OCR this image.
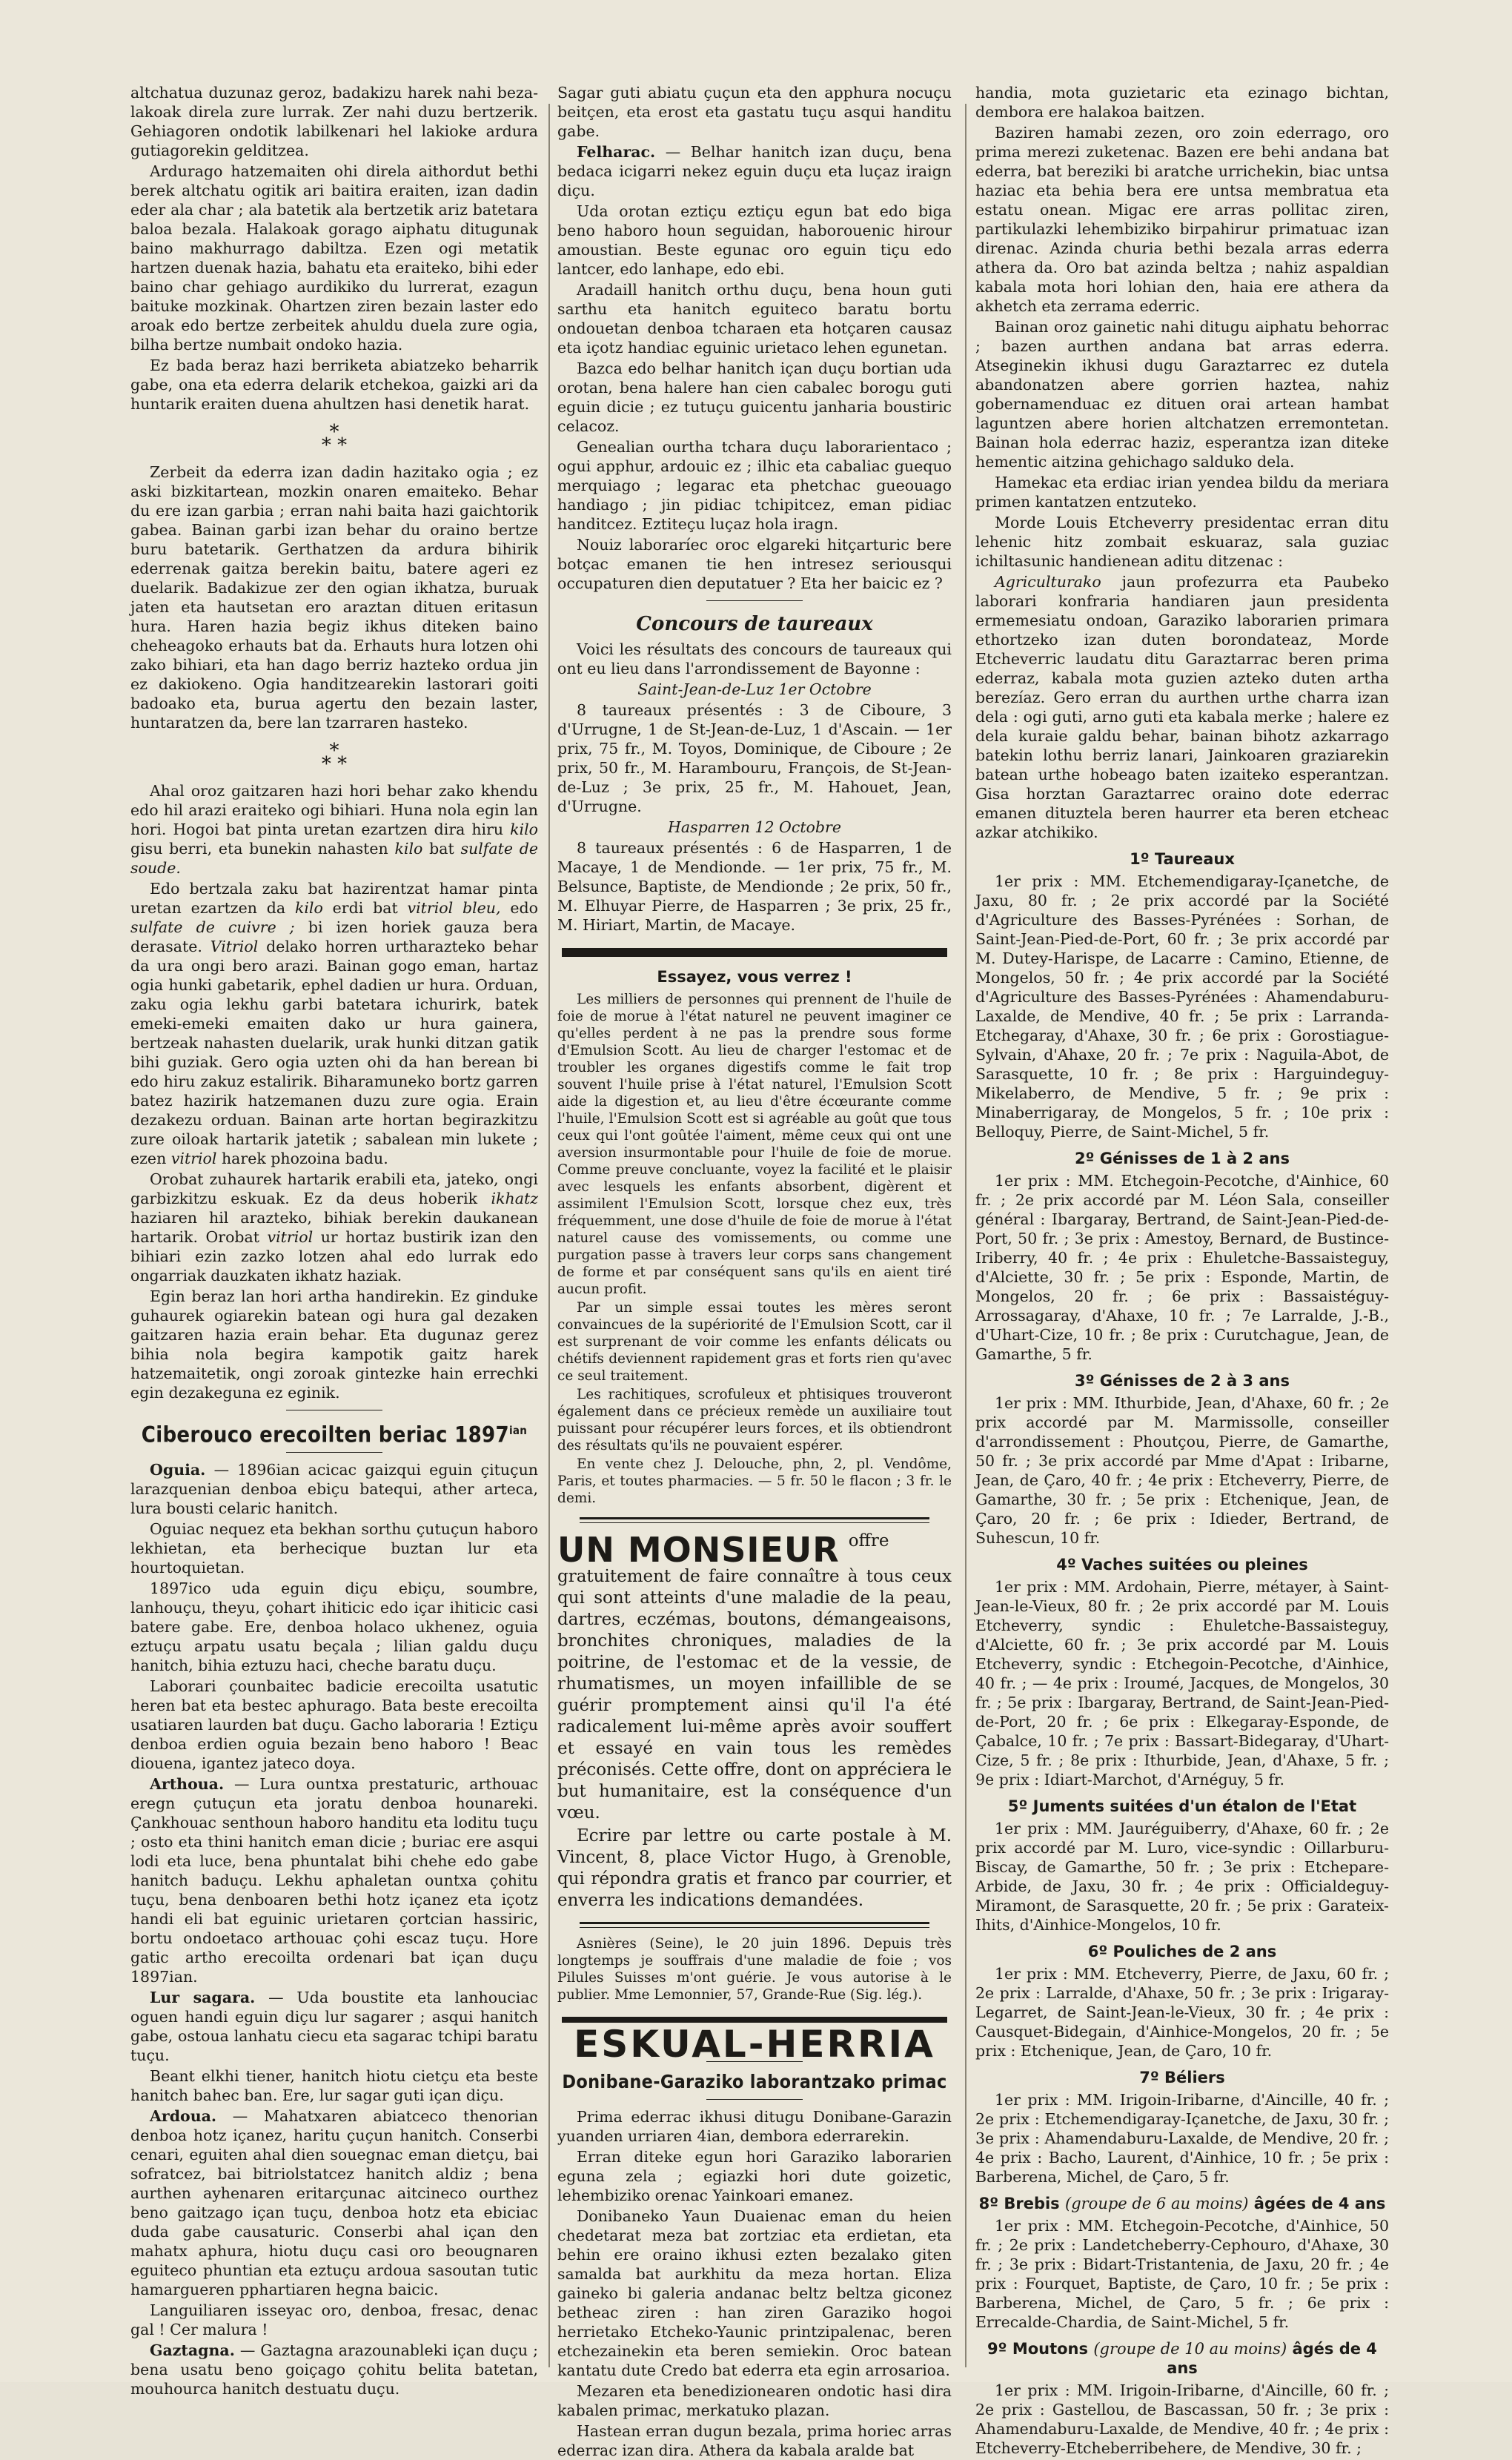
altchatua duzunaz geroz, badakizu harek nahi beza-lakoak direla zure lurrak. Zer nahi duzu bertzerik. Gehiagoren ondotik labilkenari hel lakioke ardura gutiagorekin gelditzea.

Ardurago hatzemaiten ohi direla aithordut bethi berek altchatu ogitik ari baitira eraiten, izan dadin eder ala char ; ala batetik ala bertzetik ariz batetara baloa bezala. Halakoak gorago aiphatu ditugunak baino makhurrago dabiltza. Ezen ogi metatik hartzen duenak hazia, bahatu eta eraiteko, bihi eder baino char gehiago aurdikiko du lurrerat, ezagun baituke mozkinak. Ohartzen ziren bezain laster edo aroak edo bertze zerbeitek ahuldu duela zure ogia, bilha bertze numbait ondoko hazia.

Ez bada beraz hazi berriketa abiatzeko beharrik gabe, ona eta ederra delarik etchekoa, gaizki ari da huntarik eraiten duena ahultzen hasi denetik harat.

*
* *

Zerbeit da ederra izan dadin hazitako ogia ; ez aski bizkitartean, mozkin onaren emaiteko. Behar du ere izan garbia ; erran nahi baita hazi gaichtorik gabea. Bainan garbi izan behar du oraino bertze buru batetarik. Gerthatzen da ardura bihirik ederrenak gaitza berekin baitu, batere ageri ez duelarik. Badakizue zer den ogian ikhatza, buruak jaten eta hautsetan ero araztan dituen eritasun hura. Haren hazia begiz ikhus diteken baino cheheagoko erhauts bat da. Erhauts hura lotzen ohi zako bihiari, eta han dago berriz hazteko ordua jin ez dakiokeno. Ogia handitzearekin lastorari goiti badoako eta, burua agertu den bezain laster, huntaratzen da, bere lan tzarraren hasteko.

*
* *

Ahal oroz gaitzaren hazi hori behar zako khendu edo hil arazi eraiteko ogi bihiari. Huna nola egin lan hori. Hogoi bat pinta uretan ezartzen dira hiru kilo gisu berri, eta bunekin nahasten kilo bat sulfate de soude.

Edo bertzala zaku bat hazirentzat hamar pinta uretan ezartzen da kilo erdi bat vitriol bleu, edo sulfate de cuivre ; bi izen horiek gauza bera derasate. Vitriol delako horren urtharazteko behar da ura ongi bero arazi. Bainan gogo eman, hartaz ogia hunki gabetarik, ephel dadien ur hura. Orduan, zaku ogia lekhu garbi batetara ichurirk, batek emeki-emeki emaiten dako ur hura gainera, bertzeak nahasten duelarik, urak hunki ditzan gatik bihi guziak. Gero ogia uzten ohi da han berean bi edo hiru zakuz estalirik. Biharamuneko bortz garren batez hazirik hatzemanen duzu zure ogia. Erain dezakezu orduan. Bainan arte hortan begirazkitzu zure oiloak hartarik jatetik ; sabalean min lukete ; ezen vitriol harek phozoina badu.

Orobat zuhaurek hartarik erabili eta, jateko, ongi garbizkitzu eskuak. Ez da deus hoberik ikhatz haziaren hil arazteko, bihiak berekin daukanean hartarik. Orobat vitriol ur hortaz bustirik izan den bihiari ezin zazko lotzen ahal edo lurrak edo ongarriak dauzkaten ikhatz haziak.

Egin beraz lan hori artha handirekin. Ez ginduke guhaurek ogiarekin batean ogi hura gal dezaken gaitzaren hazia erain behar. Eta dugunaz gerez bihia nola begira kampotik gaitz harek hatzemaitetik, ongi zoroak gintezke hain errechki egin dezakeguna ez eginik.

Ciberouco erecoilten beriac $1897^{ian}$

Oguia. — 1896ian acicac gaizqui eguin çituçun larazquenian denboa ebiçu batequi, ather arteca, lura bousti celaric hanitch.

Oguiac nequez eta bekhan sorthu çutuçun haboro lekhietan, eta berhecique buztan lur eta hourtoquietan.

1897ico uda eguin diçu ebiçu, soumbre, lanhouçu, theyu, çohart ihiticic edo içar ihiticic casi batere gabe. Ere, denboa holaco ukhenez, oguia eztuçu arpatu usatu beçala ; lilian galdu duçu hanitch, bihia eztuzu haci, cheche baratu duçu.

Laborari çounbaitec badicie erecoilta usatutic heren bat eta bestec aphurago. Bata beste erecoilta usatiaren laurden bat duçu. Gacho laboraria ! Eztiçu denboa erdien oguia bezain beno haboro ! Beac diouena, igantez jateco doya.

Arthoua. — Lura ountxa prestaturic, arthouac eregn çutuçun eta joratu denboa hounareki. Çankhouac senthoun haboro handitu eta loditu tuçu ; osto eta thini hanitch eman dicie ; buriac ere asqui lodi eta luce, bena phuntalat bihi chehe edo gabe hanitch baduçu. Lekhu aphaletan ountxa çohitu tuçu, bena denboaren bethi hotz içanez eta içotz handi eli bat eguinic urietaren çortcian hassiric, bortu ondoetaco arthouac çohi escaz tuçu. Hore gatic artho erecoilta ordenari bat içan duçu 1897ian.

Lur sagara. — Uda boustite eta lanhouciac oguen handi eguin diçu lur sagarer ; asqui hanitch gabe, ostoua lanhatu ciecu eta sagarac tchipi baratu tuçu.

Beant elkhi tiener, hanitch hiotu cietçu eta beste hanitch bahec ban. Ere, lur sagar guti içan diçu.

Ardoua. — Mahatxaren abiatceco thenorian denboa hotz içanez, haritu çuçun hanitch. Conserbi cenari, eguiten ahal dien souegnac eman dietçu, bai sofratcez, bai bitriolstatcez hanitch aldiz ; bena aurthen ayhenaren eritarçunac aitcineco ourthez beno gaitzago içan tuçu, denboa hotz eta ebiciac duda gabe causaturic. Conserbi ahal içan den mahatx aphura, hiotu duçu casi oro beougnaren eguiteco phuntian eta eztuçu ardoua sasoutan tutic hamargueren pphartiaren hegna baicic.

Languiliaren isseyac oro, denboa, fresac, denac gal ! Cer malura !

Gaztagna. — Gaztagna arazounableki içan duçu ; bena usatu beno goiçago çohitu belita batetan, mouhourca hanitch destuatu duçu.

Sagar guti abiatu çuçun eta den apphura nocuçu beitçen, eta erost eta gastatu tuçu asqui handitu gabe.

Felharac. — Belhar hanitch izan duçu, bena bedaca icigarri nekez eguin duçu eta luçaz iraign diçu.

Uda orotan eztiçu eztiçu egun bat edo biga beno haboro houn seguidan, haborouenic hirour amoustian. Beste egunac oro eguin tiçu edo lantcer, edo lanhape, edo ebi.

Aradaill hanitch orthu duçu, bena houn guti sarthu eta hanitch eguiteco baratu bortu ondouetan denboa tcharaen eta hotçaren causaz eta içotz handiac eguinic urietaco lehen egunetan.

Bazca edo belhar hanitch içan duçu bortian uda orotan, bena halere han cien cabalec borogu guti eguin dicie ; ez tutuçu guicentu janharia boustiric celacoz.

Genealian ourtha tchara duçu laborarientaco ; ogui apphur, ardouic ez ; ilhic eta cabaliac guequo merquiago ; legarac eta phetchac gueouago handiago ; jin pidiac tchipitcez, eman pidiac handitcez. Eztiteçu luçaz hola iragn.

Nouiz laboraríec oroc elgareki hitçarturic bere botçac emanen tie hen intresez seriousqui occupaturen dien deputatuer ? Eta her baicic ez ?

Concours de taureaux

Voici les résultats des concours de taureaux qui ont eu lieu dans l'arrondissement de Bayonne :

Saint-Jean-de-Luz 1er Octobre

8 taureaux présentés : 3 de Ciboure, 3 d'Urrugne, 1 de St-Jean-de-Luz, 1 d'Ascain. — 1er prix, 75 fr., M. Toyos, Dominique, de Ciboure ; 2e prix, 50 fr., M. Harambouru, François, de St-Jean-de-Luz ; 3e prix, 25 fr., M. Hahouet, Jean, d'Urrugne.

Hasparren 12 Octobre

8 taureaux présentés : 6 de Hasparren, 1 de Macaye, 1 de Mendionde. — 1er prix, 75 fr., M. Belsunce, Baptiste, de Mendionde ; 2e prix, 50 fr., M. Elhuyar Pierre, de Hasparren ; 3e prix, 25 fr., M. Hiriart, Martin, de Macaye.

Essayez, vous verrez !

Les milliers de personnes qui prennent de l'huile de foie de morue à l'état naturel ne peuvent imaginer ce qu'elles perdent à ne pas la prendre sous forme d'Emulsion Scott. Au lieu de charger l'estomac et de troubler les organes digestifs comme le fait trop souvent l'huile prise à l'état naturel, l'Emulsion Scott aide la digestion et, au lieu d'être écœurante comme l'huile, l'Emulsion Scott est si agréable au goût que tous ceux qui l'ont goûtée l'aiment, même ceux qui ont une aversion insurmontable pour l'huile de foie de morue. Comme preuve concluante, voyez la facilité et le plaisir avec lesquels les enfants absorbent, digèrent et assimilent l'Emulsion Scott, lorsque chez eux, très fréquemment, une dose d'huile de foie de morue à l'état naturel cause des vomissements, ou comme une purgation passe à travers leur corps sans changement de forme et par conséquent sans qu'ils en aient tiré aucun profit.

Par un simple essai toutes les mères seront convaincues de la supériorité de l'Emulsion Scott, car il est surprenant de voir comme les enfants délicats ou chétifs deviennent rapidement gras et forts rien qu'avec ce seul traitement.

Les rachitiques, scrofuleux et phtisiques trouveront également dans ce précieux remède un auxiliaire tout puissant pour récupérer leurs forces, et ils obtiendront des résultats qu'ils ne pouvaient espérer.

En vente chez J. Delouche, phn, 2, pl. Vendôme, Paris, et toutes pharmacies. — 5 fr. 50 le flacon ; 3 fr. le demi.

UN MONSIEUR offre gratuitement de faire connaître à tous ceux qui sont atteints d'une maladie de la peau, dartres, eczémas, boutons, démangeaisons, bronchites chroniques, maladies de la poitrine, de l'estomac et de la vessie, de rhumatismes, un moyen infaillible de se guérir promptement ainsi qu'il l'a été radicalement lui-même après avoir souffert et essayé en vain tous les remèdes préconisés. Cette offre, dont on appréciera le but humanitaire, est la conséquence d'un vœu.

Ecrire par lettre ou carte postale à M. Vincent, 8, place Victor Hugo, à Grenoble, qui répondra gratis et franco par courrier, et enverra les indications demandées.

Asnières (Seine), le 20 juin 1896. Depuis très longtemps je souffrais d'une maladie de foie ; vos Pilules Suisses m'ont guérie. Je vous autorise à le publier. Mme Lemonnier, 57, Grande-Rue (Sig. lég.).

ESKUAL-HERRIA
Donibane-Garaziko laborantzako primac

Prima ederrac ikhusi ditugu Donibane-Garazin yuanden urriaren 4ian, dembora ederrarekin.

Erran diteke egun hori Garaziko laborarien eguna zela ; egiazki hori dute goizetic, lehembiziko orenac Yainkoari emanez.

Donibaneko Yaun Duaienac eman du heien chedetarat meza bat zortziac eta erdietan, eta behin ere oraino ikhusi ezten bezalako giten samalda bat aurkhitu da meza hortan. Eliza gaineko bi galeria andanac beltz beltza giconez betheac ziren : han ziren Garaziko hogoi herrietako Etcheko-Yaunic printzipalenac, beren etchezainekin eta beren semiekin. Oroc batean kantatu dute Credo bat ederra eta egin arrosarioa.

Mezaren eta benedizionearen ondotic hasi dira kabalen primac, merkatuko plazan.

Hastean erran dugun bezala, prima horiec arras ederrac izan dira. Athera da kabala aralde bat

handia, mota guzietaric eta ezinago bichtan, dembora ere halakoa baitzen.

Baziren hamabi zezen, oro zoin ederrago, oro prima merezi zuketenac. Bazen ere behi andana bat ederra, bat bereziki bi aratche urrichekin, biac untsa haziac eta behia bera ere untsa membratua eta estatu onean. Migac ere arras pollitac ziren, partikulazki lehembiziko birpahirur primatuac izan direnac. Azinda churia bethi bezala arras ederra athera da. Oro bat azinda beltza ; nahiz aspaldian kabala mota hori lohian den, haia ere athera da akhetch eta zerrama ederric.

Bainan oroz gainetic nahi ditugu aiphatu behorrac ; bazen aurthen andana bat arras ederra. Atseginekin ikhusi dugu Garaztarrec ez dutela abandonatzen abere gorrien haztea, nahiz gobernamenduac ez dituen orai artean hambat laguntzen abere horien altchatzen erremontetan. Bainan hola ederrac haziz, esperantza izan diteke hementic aitzina gehichago salduko dela.

Hamekac eta erdiac irian yendea bildu da meriara primen kantatzen entzuteko.

Morde Louis Etcheverry presidentac erran ditu lehenic hitz zombait eskuaraz, sala guziac ichiltasunic handienean aditu ditzenac :

Agriculturako jaun profezurra eta Paubeko laborari konfraria handiaren jaun presidenta ermemesiatu ondoan, Garaziko laborarien primara ethortzeko izan duten borondateaz, Morde Etcheverric laudatu ditu Garaztarrac beren prima ederraz, kabala mota guzien azteko duten artha berezíaz. Gero erran du aurthen urthe charra izan dela : ogi guti, arno guti eta kabala merke ; halere ez dela kuraie galdu behar, bainan bihotz azkarrago batekin lothu berriz lanari, Jainkoaren graziarekin batean urthe hobeago baten izaiteko esperantzan. Gisa horztan Garaztarrec oraino dote ederrac emanen dituztela beren haurrer eta beren etcheac azkar atchikiko.

1º Taureaux

1er prix : MM. Etchemendigaray-Içanetche, de Jaxu, 80 fr. ; 2e prix accordé par la Société d'Agriculture des Basses-Pyrénées : Sorhan, de Saint-Jean-Pied-de-Port, 60 fr. ; 3e prix accordé par M. Dutey-Harispe, de Lacarre : Camino, Etienne, de Mongelos, 50 fr. ; 4e prix accordé par la Société d'Agriculture des Basses-Pyrénées : Ahamendaburu-Laxalde, de Mendive, 40 fr. ; 5e prix : Larranda-Etchegaray, d'Ahaxe, 30 fr. ; 6e prix : Gorostiague-Sylvain, d'Ahaxe, 20 fr. ; 7e prix : Naguila-Abot, de Sarasquette, 10 fr. ; 8e prix : Harguindeguy-Mikelaberro, de Mendive, 5 fr. ; 9e prix : Minaberrigaray, de Mongelos, 5 fr. ; 10e prix : Belloquy, Pierre, de Saint-Michel, 5 fr.

2º Génisses de 1 à 2 ans

1er prix : MM. Etchegoin-Pecotche, d'Ainhice, 60 fr. ; 2e prix accordé par M. Léon Sala, conseiller général : Ibargaray, Bertrand, de Saint-Jean-Pied-de-Port, 50 fr. ; 3e prix : Amestoy, Bernard, de Bustince-Iriberry, 40 fr. ; 4e prix : Ehuletche-Bassaisteguy, d'Alciette, 30 fr. ; 5e prix : Esponde, Martin, de Mongelos, 20 fr. ; 6e prix : Bassaistéguy-Arrossagaray, d'Ahaxe, 10 fr. ; 7e Larralde, J.-B., d'Uhart-Cize, 10 fr. ; 8e prix : Curutchague, Jean, de Gamarthe, 5 fr.

3º Génisses de 2 à 3 ans

1er prix : MM. Ithurbide, Jean, d'Ahaxe, 60 fr. ; 2e prix accordé par M. Marmissolle, conseiller d'arrondissement : Phoutçou, Pierre, de Gamarthe, 50 fr. ; 3e prix accordé par Mme d'Apat : Iribarne, Jean, de Çaro, 40 fr. ; 4e prix : Etcheverry, Pierre, de Gamarthe, 30 fr. ; 5e prix : Etchenique, Jean, de Çaro, 20 fr. ; 6e prix : Idieder, Bertrand, de Suhescun, 10 fr.

4º Vaches suitées ou pleines

1er prix : MM. Ardohain, Pierre, métayer, à Saint-Jean-le-Vieux, 80 fr. ; 2e prix accordé par M. Louis Etcheverry, syndic : Ehuletche-Bassaisteguy, d'Alciette, 60 fr. ; 3e prix accordé par M. Louis Etcheverry, syndic : Etchegoin-Pecotche, d'Ainhice, 40 fr. ; — 4e prix : Iroumé, Jacques, de Mongelos, 30 fr. ; 5e prix : Ibargaray, Bertrand, de Saint-Jean-Pied-de-Port, 20 fr. ; 6e prix : Elkegaray-Esponde, de Çabalce, 10 fr. ; 7e prix : Bassart-Bidegaray, d'Uhart-Cize, 5 fr. ; 8e prix : Ithurbide, Jean, d'Ahaxe, 5 fr. ; 9e prix : Idiart-Marchot, d'Arnéguy, 5 fr.

5º Juments suitées d'un étalon de l'Etat

1er prix : MM. Jauréguiberry, d'Ahaxe, 60 fr. ; 2e prix accordé par M. Luro, vice-syndic : Oillarburu-Biscay, de Gamarthe, 50 fr. ; 3e prix : Etchepare-Arbide, de Jaxu, 30 fr. ; 4e prix : Officialdeguy-Miramont, de Sarasquette, 20 fr. ; 5e prix : Garateix-Ihits, d'Ainhice-Mongelos, 10 fr.

6º Pouliches de 2 ans

1er prix : MM. Etcheverry, Pierre, de Jaxu, 60 fr. ; 2e prix : Larralde, d'Ahaxe, 50 fr. ; 3e prix : Irigaray-Legarret, de Saint-Jean-le-Vieux, 30 fr. ; 4e prix : Causquet-Bidegain, d'Ainhice-Mongelos, 20 fr. ; 5e prix : Etchenique, Jean, de Çaro, 10 fr.

7º Béliers

1er prix : MM. Irigoin-Iribarne, d'Aincille, 40 fr. ; 2e prix : Etchemendigaray-Içanetche, de Jaxu, 30 fr. ; 3e prix : Ahamendaburu-Laxalde, de Mendive, 20 fr. ; 4e prix : Bacho, Laurent, d'Ainhice, 10 fr. ; 5e prix : Barberena, Michel, de Çaro, 5 fr.

8º Brebis (groupe de 6 au moins) âgées de 4 ans

1er prix : MM. Etchegoin-Pecotche, d'Ainhice, 50 fr. ; 2e prix : Landetcheberry-Cephouro, d'Ahaxe, 30 fr. ; 3e prix : Bidart-Tristantenia, de Jaxu, 20 fr. ; 4e prix : Fourquet, Baptiste, de Çaro, 10 fr. ; 5e prix : Barberena, Michel, de Çaro, 5 fr. ; 6e prix : Errecalde-Chardia, de Saint-Michel, 5 fr.

9º Moutons (groupe de 10 au moins) âgés de 4 ans

1er prix : MM. Irigoin-Iribarne, d'Aincille, 60 fr. ; 2e prix : Gastellou, de Bascassan, 50 fr. ; 3e prix : Ahamendaburu-Laxalde, de Mendive, 40 fr. ; 4e prix : Etcheverry-Etcheberribehere, de Mendive, 30 fr. ;
